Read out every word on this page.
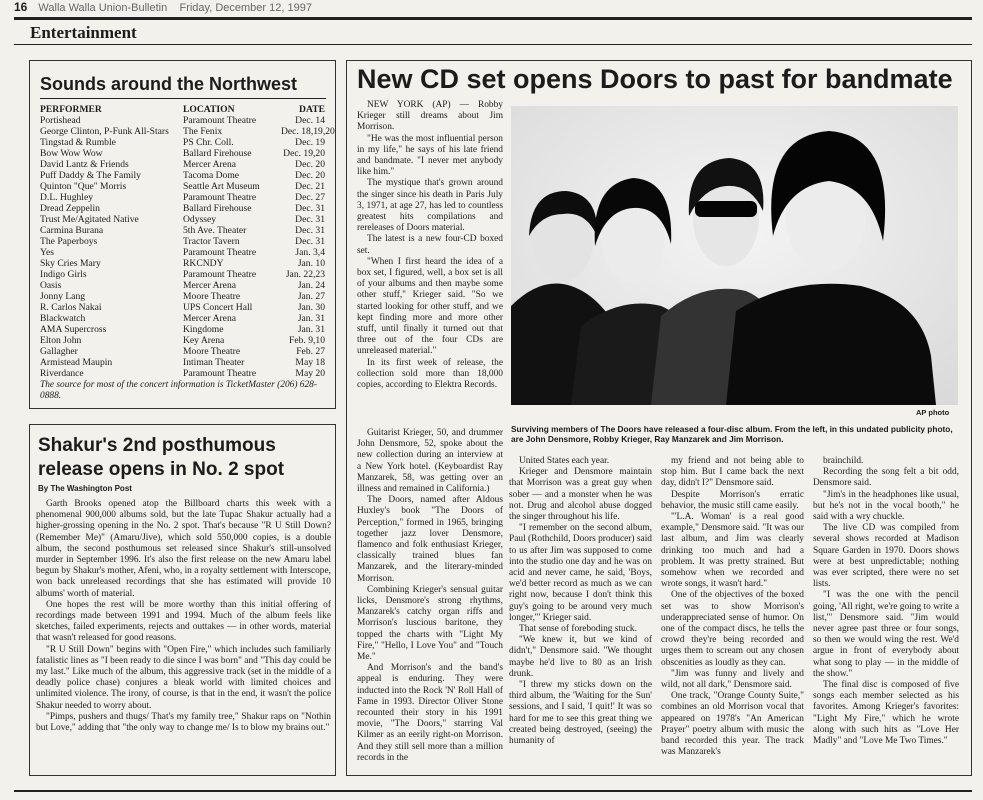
16 Walla Walla Union-Bulletin Friday, December 12, 1997
Entertainment
Sounds around the Northwest
PERFORMER	LOCATION	DATE
Portishead	Paramount Theatre	Dec. 14
George Clinton, P-Funk All-Stars	The Fenix	Dec. 18,19,20
Tingstad & Rumble	PS Chr. Coll.	Dec. 19
Bow Wow Wow	Ballard Firehouse	Dec. 19,20
David Lantz & Friends	Mercer Arena	Dec. 20
Puff Daddy & The Family	Tacoma Dome	Dec. 20
Quinton "Que" Morris	Seattle Art Museum	Dec. 21
D.L. Hughley	Paramount Theatre	Dec. 27
Dread Zeppelin	Ballard Firehouse	Dec. 31
Trust Me/Agitated Native	Odyssey	Dec. 31
Carmina Burana	5th Ave. Theater	Dec. 31
The Paperboys	Tractor Tavern	Dec. 31
Yes	Paramount Theatre	Jan. 3,4
Sky Cries Mary	RKCNDY	Jan. 10
Indigo Girls	Paramount Theatre	Jan. 22,23
Oasis	Mercer Arena	Jan. 24
Jonny Lang	Moore Theatre	Jan. 27
R. Carlos Nakai	UPS Concert Hall	Jan. 30
Blackwatch	Mercer Arena	Jan. 31
AMA Supercross	Kingdome	Jan. 31
Elton John	Key Arena	Feb. 9,10
Gallagher	Moore Theatre	Feb. 27
Armistead Maupin	Intiman Theater	May 18
Riverdance	Paramount Theatre	May 20
The source for most of the concert information is TicketMaster (206) 628-0888.
Shakur's 2nd posthumous release opens in No. 2 spot
By The Washington Post

Garth Brooks opened atop the Billboard charts this week with a phenomenal 900,000 albums sold, but the late Tupac Shakur actually had a higher-grossing opening in the No. 2 spot. That's because "R U Still Down? (Remember Me)" (Amaru/Jive), which sold 550,000 copies, is a double album, the second posthumous set released since Shakur's still-unsolved murder in September 1996. It's also the first release on the new Amaru label begun by Shakur's mother, Afeni, who, in a royalty settlement with Interscope, won back unreleased recordings that she has estimated will provide 10 albums' worth of material.

One hopes the rest will be more worthy than this initial offering of recordings made between 1991 and 1994. Much of the album feels like sketches, failed experiments, rejects and outtakes — in other words, material that wasn't released for good reasons.

"R U Still Down" begins with "Open Fire," which includes such familiarly fatalistic lines as "I been ready to die since I was born" and "This day could be my last." Like much of the album, this aggressive track (set in the middle of a deadly police chase) conjures a bleak world with limited choices and unlimited violence. The irony, of course, is that in the end, it wasn't the police Shakur needed to worry about.

"Pimps, pushers and thugs/ That's my family tree," Shakur raps on "Nothin but Love," adding that "the only way to change me/ Is to blow my brains out."

New CD set opens Doors to past for bandmate

NEW YORK (AP) — Robby Krieger still dreams about Jim Morrison.

"He was the most influential person in my life," he says of his late friend and bandmate. "I never met anybody like him."

The mystique that's grown around the singer since his death in Paris July 3, 1971, at age 27, has led to countless greatest hits compilations and rereleases of Doors material.

The latest is a new four-CD boxed set.

"When I first heard the idea of a box set, I figured, well, a box set is all of your albums and then maybe some other stuff," Krieger said. "So we started looking for other stuff, and we kept finding more and more other stuff, until finally it turned out that three out of the four CDs are unreleased material."

In its first week of release, the collection sold more than 18,000 copies, according to Elektra Records.

Guitarist Krieger, 50, and drummer John Densmore, 52, spoke about the new collection during an interview at a New York hotel. (Keyboardist Ray Manzarek, 58, was getting over an illness and remained in California.)

The Doors, named after Aldous Huxley's book "The Doors of Perception," formed in 1965, bringing together jazz lover Densmore, flamenco and folk enthusiast Krieger, classically trained blues fan Manzarek, and the literary-minded Morrison.

Combining Krieger's sensual guitar licks, Densmore's strong rhythms, Manzarek's catchy organ riffs and Morrison's luscious baritone, they topped the charts with "Light My Fire," "Hello, I Love You" and "Touch Me."

And Morrison's and the band's appeal is enduring. They were inducted into the Rock 'N' Roll Hall of Fame in 1993. Director Oliver Stone recounted their story in his 1991 movie, "The Doors," starring Val Kilmer as an eerily right-on Morrison. And they still sell more than a million records in the

AP photo
Surviving members of The Doors have released a four-disc album. From the left, in this undated publicity photo, are John Densmore, Robby Krieger, Ray Manzarek and Jim Morrison.

United States each year.

Krieger and Densmore maintain that Morrison was a great guy when sober — and a monster when he was not. Drug and alcohol abuse dogged the singer throughout his life.

"I remember on the second album, Paul (Rothchild, Doors producer) said to us after Jim was supposed to come into the studio one day and he was on acid and never came, he said, 'Boys, we'd better record as much as we can right now, because I don't think this guy's going to be around very much longer,'" Krieger said.

That sense of foreboding stuck.

"We knew it, but we kind of didn't," Densmore said. "We thought maybe he'd live to 80 as an Irish drunk.

"I threw my sticks down on the third album, the 'Waiting for the Sun' sessions, and I said, 'I quit!' It was so hard for me to see this great thing we created being destroyed, (seeing) the humanity of

my friend and not being able to stop him. But I came back the next day, didn't I?" Densmore said.

Despite Morrison's erratic behavior, the music still came easily.

"'L.A. Woman' is a real good example," Densmore said. "It was our last album, and Jim was clearly drinking too much and had a problem. It was pretty strained. But somehow when we recorded and wrote songs, it wasn't hard."

One of the objectives of the boxed set was to show Morrison's underappreciated sense of humor. On one of the compact discs, he tells the crowd they're being recorded and urges them to scream out any chosen obscenities as loudly as they can.

"Jim was funny and lively and wild, not all dark," Densmore said.

One track, "Orange County Suite," combines an old Morrison vocal that appeared on 1978's "An American Prayer" poetry album with music the band recorded this year. The track was Manzarek's

brainchild.

Recording the song felt a bit odd, Densmore said.

"Jim's in the headphones like usual, but he's not in the vocal booth," he said with a wry chuckle.

The live CD was compiled from several shows recorded at Madison Square Garden in 1970. Doors shows were at best unpredictable; nothing was ever scripted, there were no set lists.

"I was the one with the pencil going, 'All right, we're going to write a list,'" Densmore said. "Jim would never agree past three or four songs, so then we would wing the rest. We'd argue in front of everybody about what song to play — in the middle of the show."

The final disc is composed of five songs each member selected as his favorites. Among Krieger's favorites: "Light My Fire," which he wrote along with such hits as "Love Her Madly" and "Love Me Two Times."
